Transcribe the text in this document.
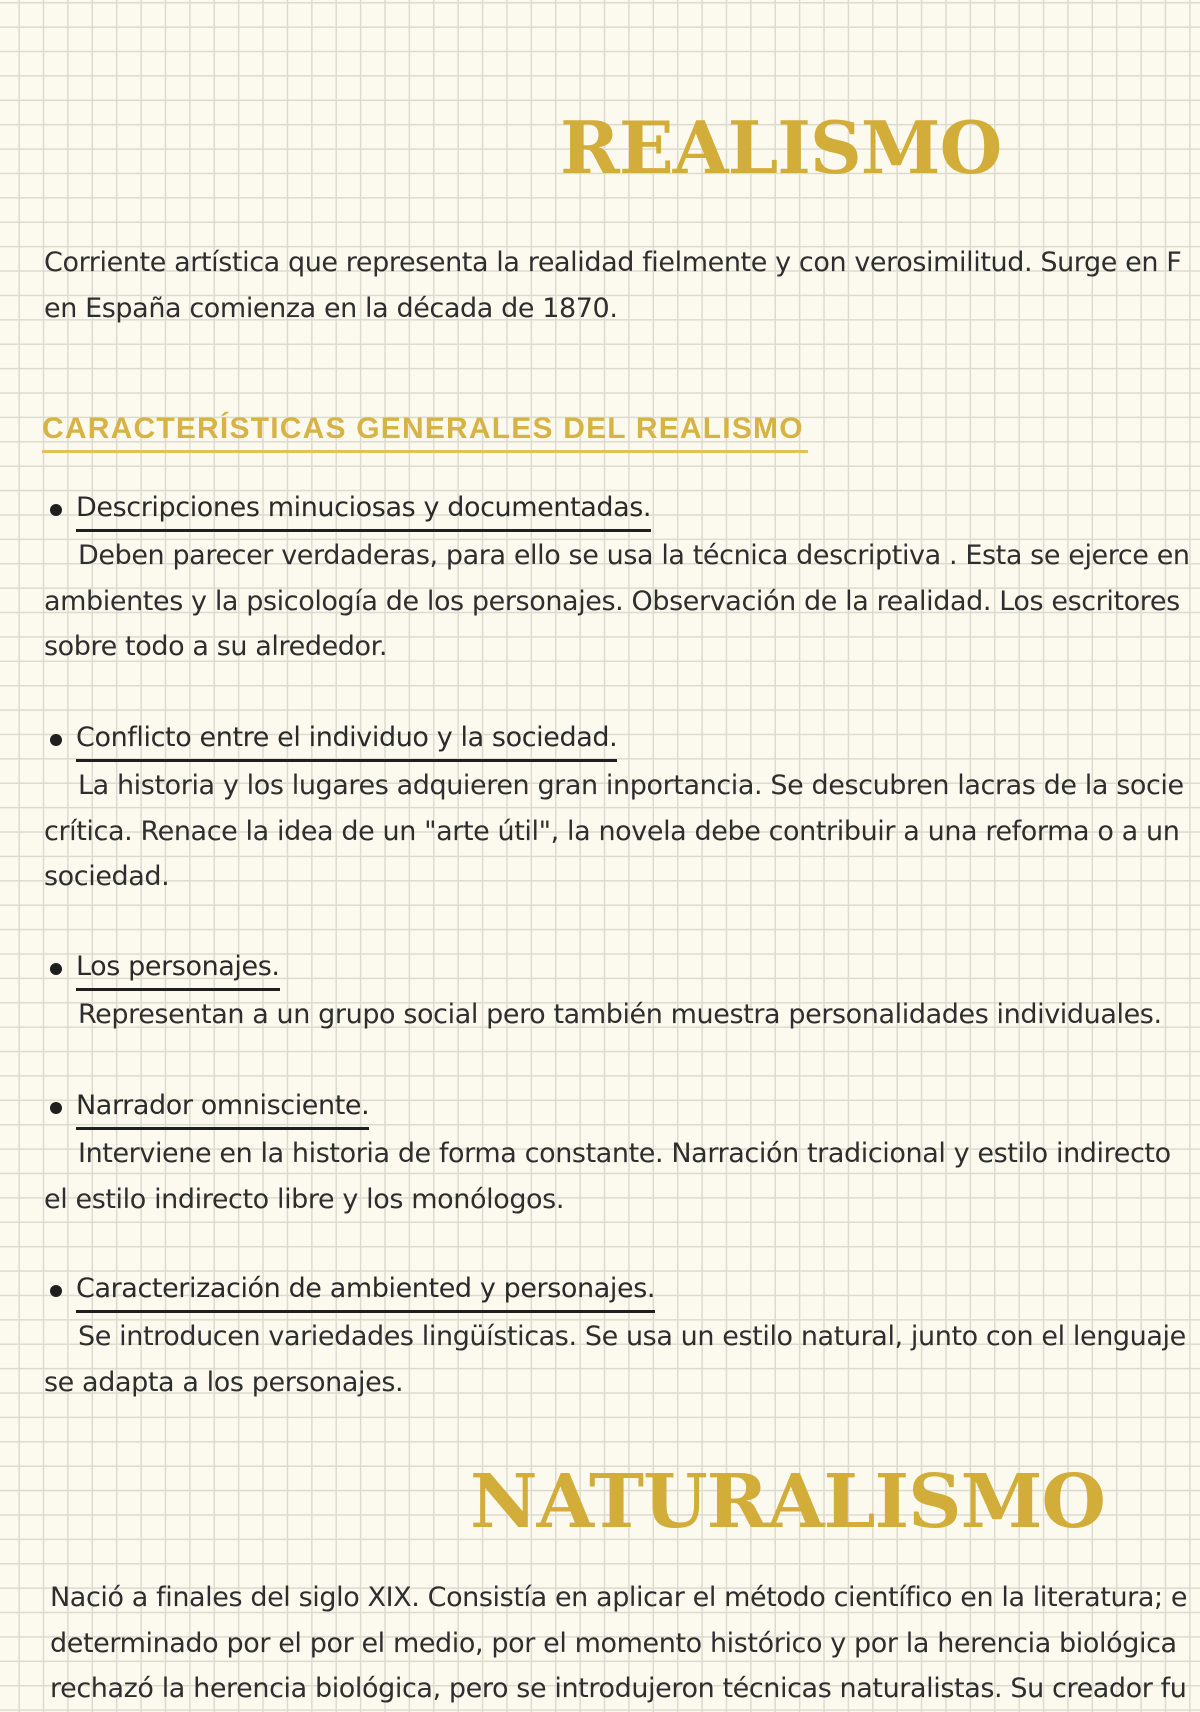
REALISMO

Corriente artística que representa la realidad fielmente y con verosimilitud. Surge en F
en España comienza en la década de 1870.

CARACTERÍSTICAS GENERALES DEL REALISMO

Descripciones minuciosas y documentadas.

Deben parecer verdaderas, para ello se usa la técnica descriptiva . Esta se ejerce en
ambientes y la psicología de los personajes. Observación de la realidad. Los escritores
sobre todo a su alrededor.

Conflicto entre el individuo y la sociedad.

La historia y los lugares adquieren gran inportancia. Se descubren lacras de la socie
crítica. Renace la idea de un "arte útil", la novela debe contribuir a una reforma o a un
sociedad.

Los personajes.

Representan a un grupo social pero también muestra personalidades individuales.

Narrador omnisciente.

Interviene en la historia de forma constante. Narración tradicional y estilo indirecto
el estilo indirecto libre y los monólogos.

Caracterización de ambiented y personajes.

Se introducen variedades lingüísticas. Se usa un estilo natural, junto con el lenguaje
se adapta a los personajes.

NATURALISMO

Nació a finales del siglo XIX. Consistía en aplicar el método científico en la literatura; e
determinado por el por el medio, por el momento histórico y por la herencia biológica
rechazó la herencia biológica, pero se introdujeron técnicas naturalistas. Su creador fu
